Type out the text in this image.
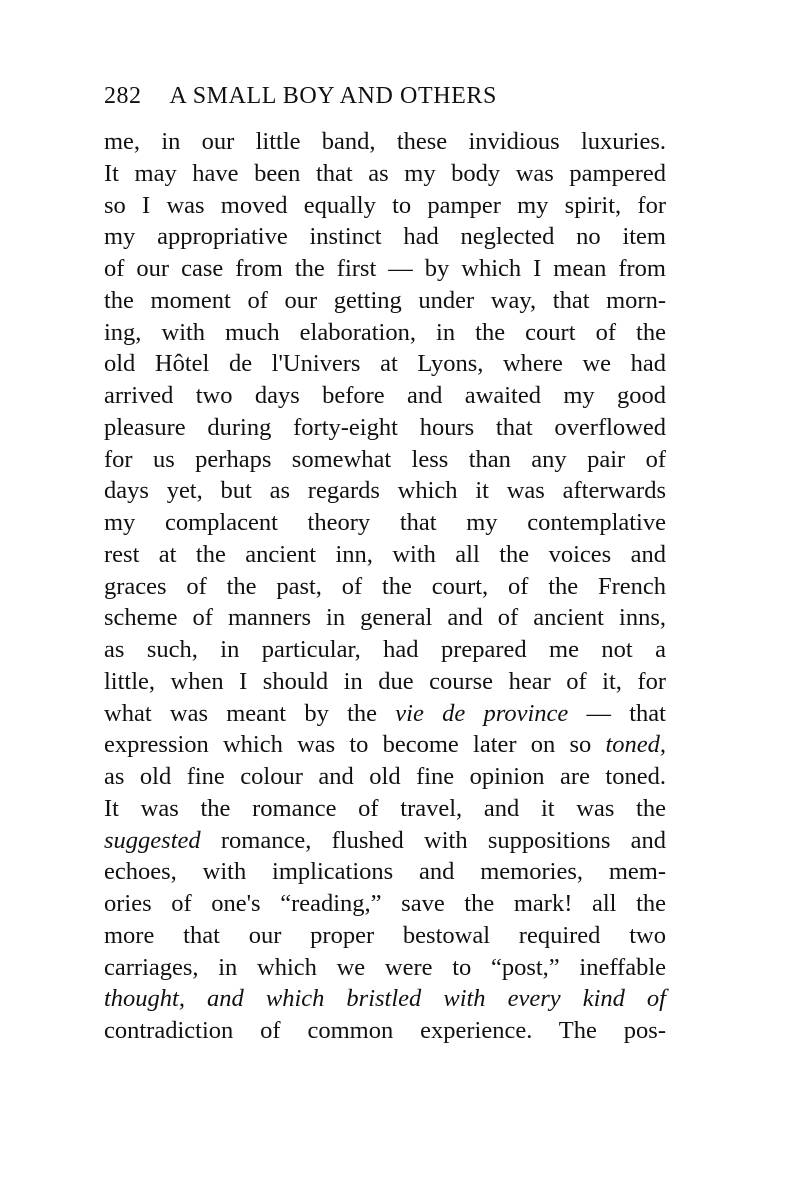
282 A SMALL BOY AND OTHERS
me, in our little band, these invidious luxuries.
It may have been that as my body was pampered
so I was moved equally to pamper my spirit, for
my appropriative instinct had neglected no item
of our case from the first — by which I mean from
the moment of our getting under way, that morn-
ing, with much elaboration, in the court of the
old Hôtel de l'Univers at Lyons, where we had
arrived two days before and awaited my good
pleasure during forty-eight hours that overflowed
for us perhaps somewhat less than any pair of
days yet, but as regards which it was afterwards
my complacent theory that my contemplative
rest at the ancient inn, with all the voices and
graces of the past, of the court, of the French
scheme of manners in general and of ancient inns,
as such, in particular, had prepared me not a
little, when I should in due course hear of it, for
what was meant by the vie de province — that
expression which was to become later on so toned,
as old fine colour and old fine opinion are toned.
It was the romance of travel, and it was the
suggested romance, flushed with suppositions and
echoes, with implications and memories, mem-
ories of one's “reading,” save the mark! all the
more that our proper bestowal required two
carriages, in which we were to “post,” ineffable
thought, and which bristled with every kind of
contradiction of common experience. The pos-
